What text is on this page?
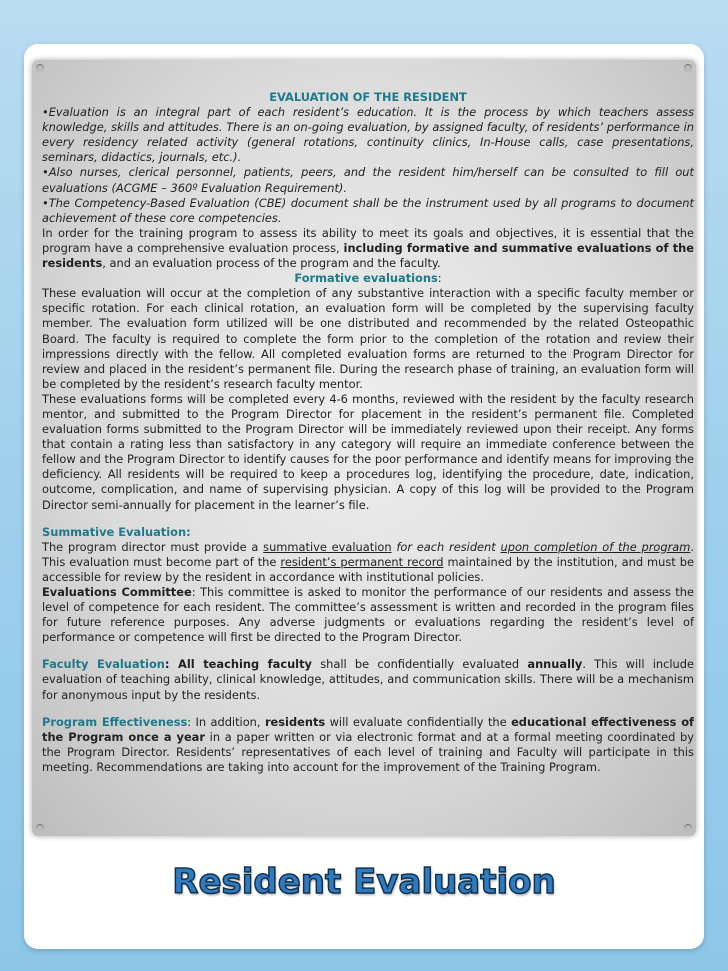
EVALUATION OF THE RESIDENT

•Evaluation is an integral part of each resident’s education. It is the process by which teachers assess knowledge, skills and attitudes. There is an on-going evaluation, by assigned faculty, of residents’ performance in every residency related activity (general rotations, continuity clinics, In-House calls, case presentations, seminars, didactics, journals, etc.).

•Also nurses, clerical personnel, patients, peers, and the resident him/herself can be consulted to fill out evaluations (ACGME – 360º Evaluation Requirement).

•The Competency-Based Evaluation (CBE) document shall be the instrument used by all programs to document achievement of these core competencies.

In order for the training program to assess its ability to meet its goals and objectives, it is essential that the program have a comprehensive evaluation process, including formative and summative evaluations of the residents, and an evaluation process of the program and the faculty.

Formative evaluations:

These evaluation will occur at the completion of any substantive interaction with a specific faculty member or specific rotation. For each clinical rotation, an evaluation form will be completed by the supervising faculty member. The evaluation form utilized will be one distributed and recommended by the related Osteopathic Board. The faculty is required to complete the form prior to the completion of the rotation and review their impressions directly with the fellow. All completed evaluation forms are returned to the Program Director for review and placed in the resident’s permanent file. During the research phase of training, an evaluation form will be completed by the resident’s research faculty mentor.

These evaluations forms will be completed every 4-6 months, reviewed with the resident by the faculty research mentor, and submitted to the Program Director for placement in the resident’s permanent file. Completed evaluation forms submitted to the Program Director will be immediately reviewed upon their receipt. Any forms that contain a rating less than satisfactory in any category will require an immediate conference between the fellow and the Program Director to identify causes for the poor performance and identify means for improving the deficiency. All residents will be required to keep a procedures log, identifying the procedure, date, indication, outcome, complication, and name of supervising physician. A copy of this log will be provided to the Program Director semi-annually for placement in the learner’s file.

Summative Evaluation:

The program director must provide a summative evaluation for each resident upon completion of the program. This evaluation must become part of the resident’s permanent record maintained by the institution, and must be accessible for review by the resident in accordance with institutional policies.

Evaluations Committee: This committee is asked to monitor the performance of our residents and assess the level of competence for each resident. The committee’s assessment is written and recorded in the program files for future reference purposes. Any adverse judgments or evaluations regarding the resident’s level of performance or competence will first be directed to the Program Director.

Faculty Evaluation: All teaching faculty shall be confidentially evaluated annually. This will include evaluation of teaching ability, clinical knowledge, attitudes, and communication skills. There will be a mechanism for anonymous input by the residents.

Program Effectiveness: In addition, residents will evaluate confidentially the educational effectiveness of the Program once a year in a paper written or via electronic format and at a formal meeting coordinated by the Program Director. Residents’ representatives of each level of training and Faculty will participate in this meeting. Recommendations are taking into account for the improvement of the Training Program.

Resident Evaluation
